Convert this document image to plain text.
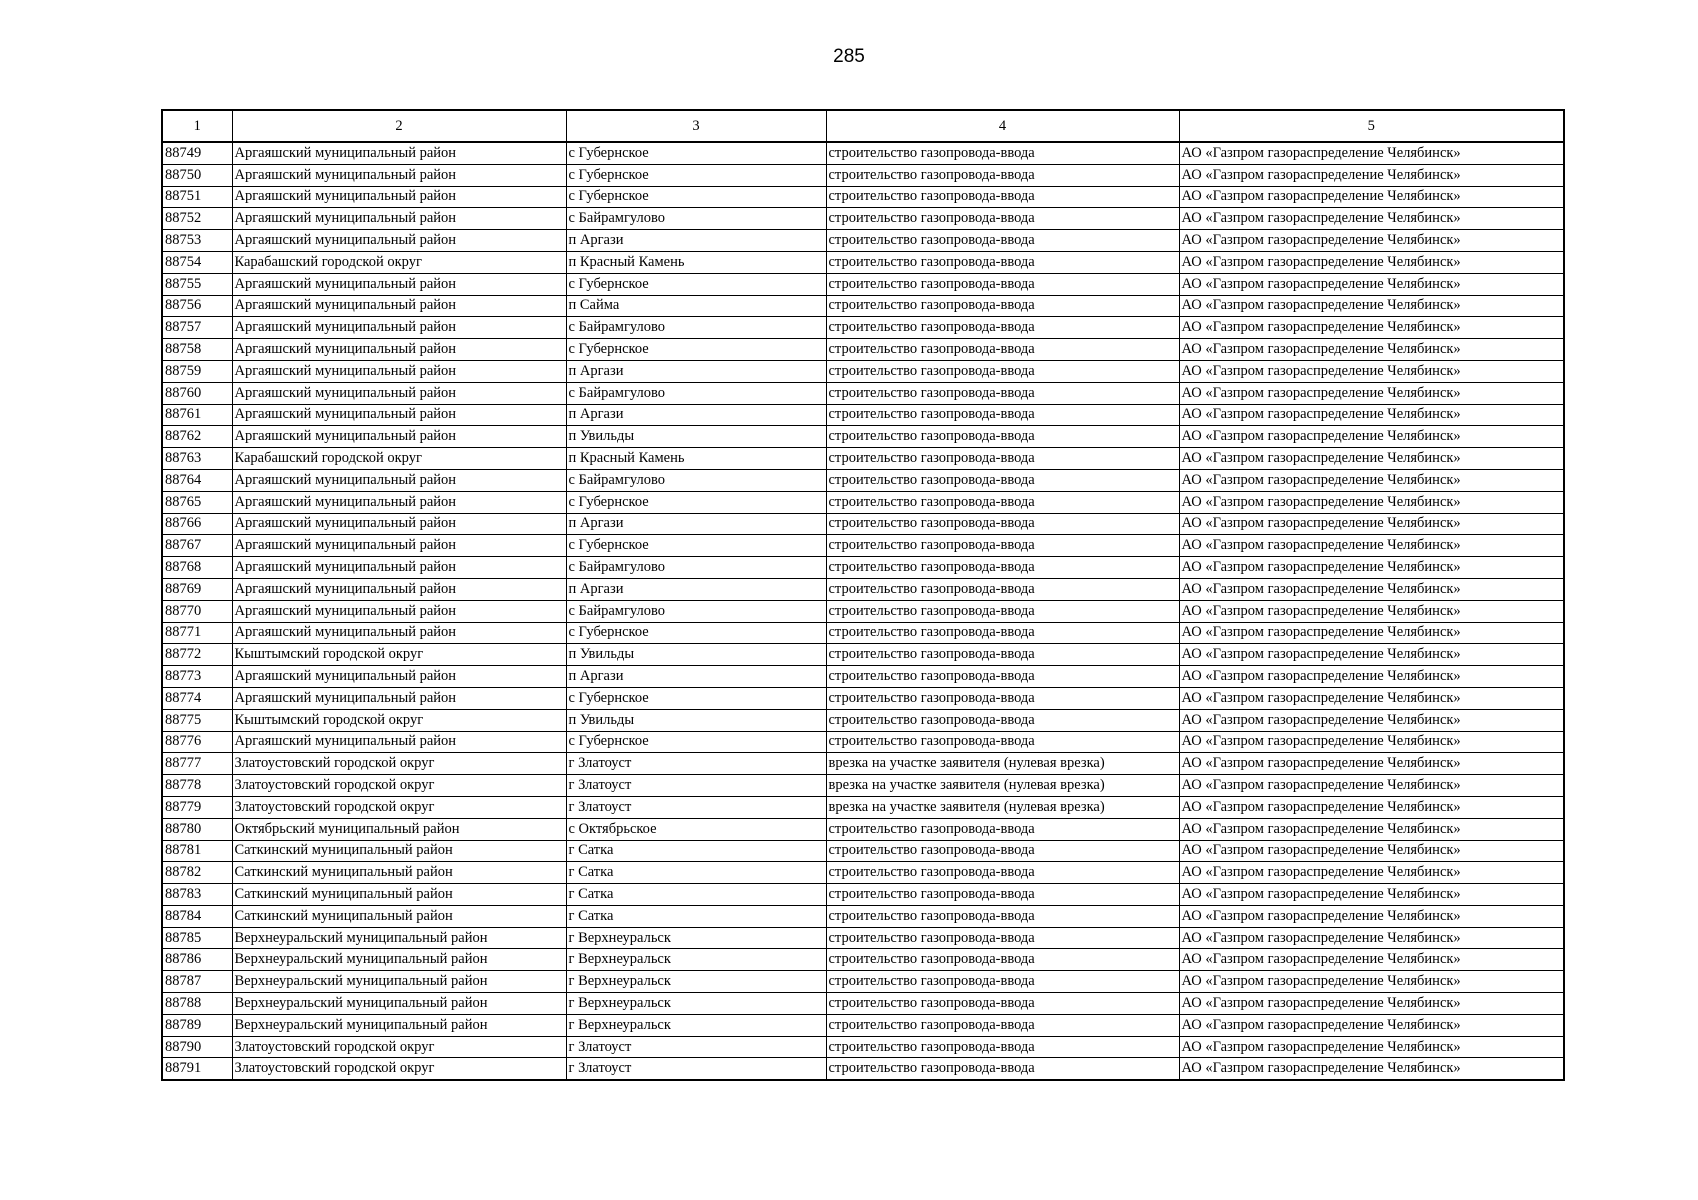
285
1	2	3	4	5
88749	Аргаяшский муниципальный район	с Губернское	строительство газопровода-ввода	АО «Газпром газораспределение Челябинск»
88750	Аргаяшский муниципальный район	с Губернское	строительство газопровода-ввода	АО «Газпром газораспределение Челябинск»
88751	Аргаяшский муниципальный район	с Губернское	строительство газопровода-ввода	АО «Газпром газораспределение Челябинск»
88752	Аргаяшский муниципальный район	с Байрамгулово	строительство газопровода-ввода	АО «Газпром газораспределение Челябинск»
88753	Аргаяшский муниципальный район	п Аргази	строительство газопровода-ввода	АО «Газпром газораспределение Челябинск»
88754	Карабашский городской округ	п Красный Камень	строительство газопровода-ввода	АО «Газпром газораспределение Челябинск»
88755	Аргаяшский муниципальный район	с Губернское	строительство газопровода-ввода	АО «Газпром газораспределение Челябинск»
88756	Аргаяшский муниципальный район	п Сайма	строительство газопровода-ввода	АО «Газпром газораспределение Челябинск»
88757	Аргаяшский муниципальный район	с Байрамгулово	строительство газопровода-ввода	АО «Газпром газораспределение Челябинск»
88758	Аргаяшский муниципальный район	с Губернское	строительство газопровода-ввода	АО «Газпром газораспределение Челябинск»
88759	Аргаяшский муниципальный район	п Аргази	строительство газопровода-ввода	АО «Газпром газораспределение Челябинск»
88760	Аргаяшский муниципальный район	с Байрамгулово	строительство газопровода-ввода	АО «Газпром газораспределение Челябинск»
88761	Аргаяшский муниципальный район	п Аргази	строительство газопровода-ввода	АО «Газпром газораспределение Челябинск»
88762	Аргаяшский муниципальный район	п Увильды	строительство газопровода-ввода	АО «Газпром газораспределение Челябинск»
88763	Карабашский городской округ	п Красный Камень	строительство газопровода-ввода	АО «Газпром газораспределение Челябинск»
88764	Аргаяшский муниципальный район	с Байрамгулово	строительство газопровода-ввода	АО «Газпром газораспределение Челябинск»
88765	Аргаяшский муниципальный район	с Губернское	строительство газопровода-ввода	АО «Газпром газораспределение Челябинск»
88766	Аргаяшский муниципальный район	п Аргази	строительство газопровода-ввода	АО «Газпром газораспределение Челябинск»
88767	Аргаяшский муниципальный район	с Губернское	строительство газопровода-ввода	АО «Газпром газораспределение Челябинск»
88768	Аргаяшский муниципальный район	с Байрамгулово	строительство газопровода-ввода	АО «Газпром газораспределение Челябинск»
88769	Аргаяшский муниципальный район	п Аргази	строительство газопровода-ввода	АО «Газпром газораспределение Челябинск»
88770	Аргаяшский муниципальный район	с Байрамгулово	строительство газопровода-ввода	АО «Газпром газораспределение Челябинск»
88771	Аргаяшский муниципальный район	с Губернское	строительство газопровода-ввода	АО «Газпром газораспределение Челябинск»
88772	Кыштымский городской округ	п Увильды	строительство газопровода-ввода	АО «Газпром газораспределение Челябинск»
88773	Аргаяшский муниципальный район	п Аргази	строительство газопровода-ввода	АО «Газпром газораспределение Челябинск»
88774	Аргаяшский муниципальный район	с Губернское	строительство газопровода-ввода	АО «Газпром газораспределение Челябинск»
88775	Кыштымский городской округ	п Увильды	строительство газопровода-ввода	АО «Газпром газораспределение Челябинск»
88776	Аргаяшский муниципальный район	с Губернское	строительство газопровода-ввода	АО «Газпром газораспределение Челябинск»
88777	Златоустовский городской округ	г Златоуст	врезка на участке заявителя (нулевая врезка)	АО «Газпром газораспределение Челябинск»
88778	Златоустовский городской округ	г Златоуст	врезка на участке заявителя (нулевая врезка)	АО «Газпром газораспределение Челябинск»
88779	Златоустовский городской округ	г Златоуст	врезка на участке заявителя (нулевая врезка)	АО «Газпром газораспределение Челябинск»
88780	Октябрьский муниципальный район	с Октябрьское	строительство газопровода-ввода	АО «Газпром газораспределение Челябинск»
88781	Саткинский муниципальный район	г Сатка	строительство газопровода-ввода	АО «Газпром газораспределение Челябинск»
88782	Саткинский муниципальный район	г Сатка	строительство газопровода-ввода	АО «Газпром газораспределение Челябинск»
88783	Саткинский муниципальный район	г Сатка	строительство газопровода-ввода	АО «Газпром газораспределение Челябинск»
88784	Саткинский муниципальный район	г Сатка	строительство газопровода-ввода	АО «Газпром газораспределение Челябинск»
88785	Верхнеуральский муниципальный район	г Верхнеуральск	строительство газопровода-ввода	АО «Газпром газораспределение Челябинск»
88786	Верхнеуральский муниципальный район	г Верхнеуральск	строительство газопровода-ввода	АО «Газпром газораспределение Челябинск»
88787	Верхнеуральский муниципальный район	г Верхнеуральск	строительство газопровода-ввода	АО «Газпром газораспределение Челябинск»
88788	Верхнеуральский муниципальный район	г Верхнеуральск	строительство газопровода-ввода	АО «Газпром газораспределение Челябинск»
88789	Верхнеуральский муниципальный район	г Верхнеуральск	строительство газопровода-ввода	АО «Газпром газораспределение Челябинск»
88790	Златоустовский городской округ	г Златоуст	строительство газопровода-ввода	АО «Газпром газораспределение Челябинск»
88791	Златоустовский городской округ	г Златоуст	строительство газопровода-ввода	АО «Газпром газораспределение Челябинск»
